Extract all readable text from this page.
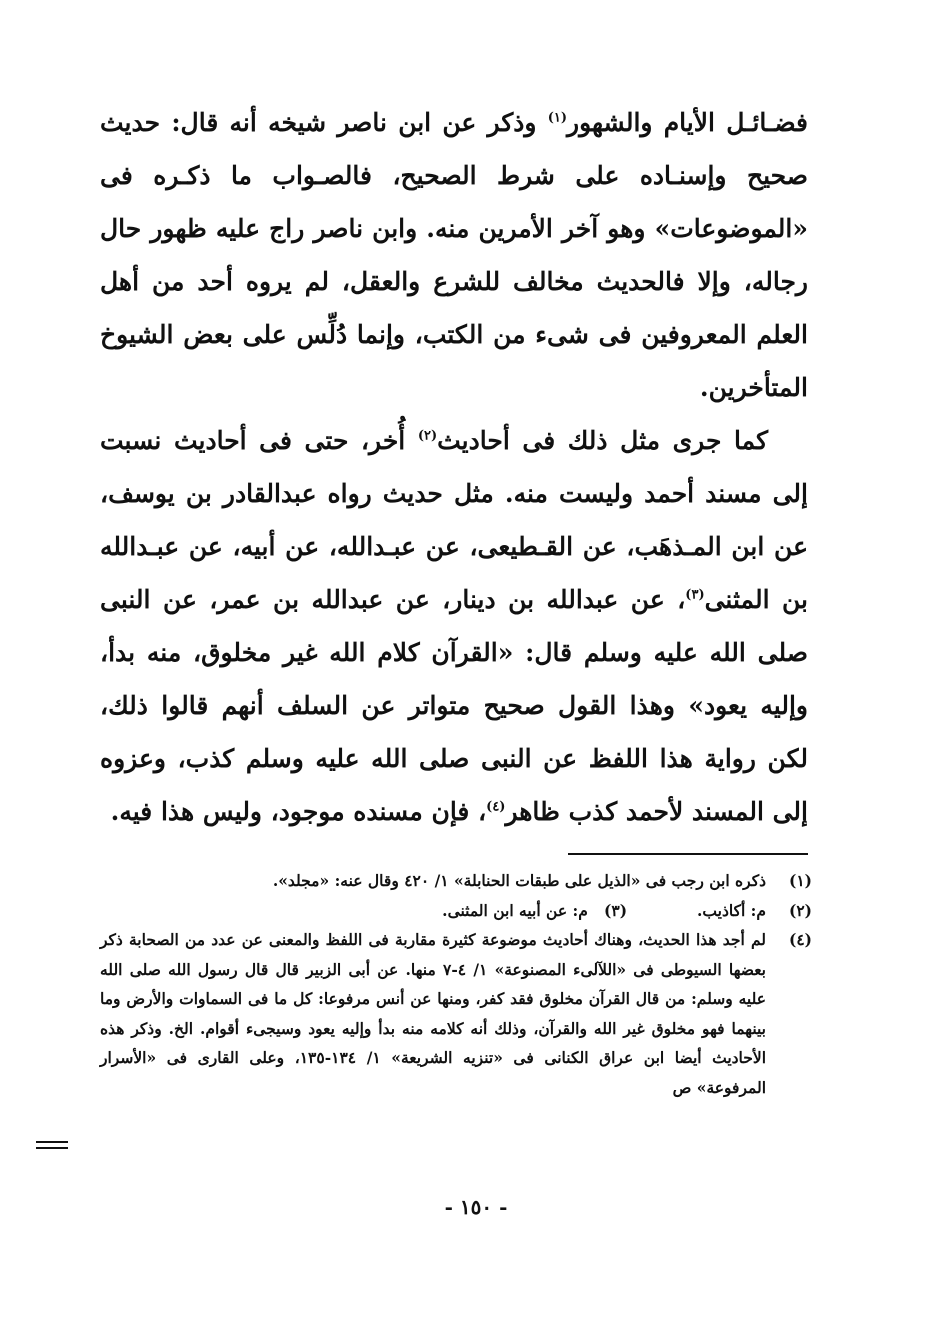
فضـائـل الأيام والشهور$^{(١)}$ وذكر عن ابن ناصر شيخه أنه قال: حديث صحيح وإسنـاده على شرط الصحيح، فالصـواب ما ذكـره فى «الموضوعات» وهو آخر الأمرين منه. وابن ناصر راج عليه ظهور حال رجاله، وإلا فالحديث مخالف للشرع والعقل، لم يروه أحد من أهل العلم المعروفين فى شىء من الكتب، وإنما دُلِّس على بعض الشيوخ المتأخرين.

كما جرى مثل ذلك فى أحاديث$^{(٢)}$ أُخر، حتى فى أحاديث نسبت إلى مسند أحمد وليست منه. مثل حديث رواه عبدالقادر بن يوسف، عن ابن المـذهَب، عن القـطيعى، عن عبـدالله، عن أبيه، عن عبـدالله بن المثنى$^{(٣)}$، عن عبدالله بن دينار، عن عبدالله بن عمر، عن النبى صلى الله عليه وسلم قال: «القرآن كلام الله غير مخلوق، منه بدأ، وإليه يعود» وهذا القول صحيح متواتر عن السلف أنهم قالوا ذلك، لكن رواية هذا اللفظ عن النبى صلى الله عليه وسلم كذب، وعزوه إلى المسند لأحمد كذب ظاهر$^{(٤)}$، فإن مسنده موجود، وليس هذا فيه.

(١)
ذكره ابن رجب فى «الذيل على طبقات الحنابلة» ١/ ٤٢٠ وقال عنه: «مجلد».
(٢)
م: أكاذيب.
(٣)   م: عن أبيه ابن المثنى.
(٤)
لم أجد هذا الحديث، وهناك أحاديث موضوعة كثيرة مقاربة فى اللفظ والمعنى عن عدد من الصحابة ذكر بعضها السيوطى فى «اللآلىء المصنوعة» ١/ ٤-٧ منها. عن أبى الزبير قال قال رسول الله صلى الله عليه وسلم: من قال القرآن مخلوق فقد كفر، ومنها عن أنس مرفوعا: كل ما فى السماوات والأرض وما بينهما فهو مخلوق غير الله والقرآن، وذلك أنه كلامه منه بدأ وإليه يعود وسيجىء أقوام. الخ. وذكر هذه الأحاديث أيضا ابن عراق الكنانى فى «تنزيه الشريعة» ١/ ١٣٤-١٣٥، وعلى القارى فى «الأسرار المرفوعة» ص
- ١٥٠ -
